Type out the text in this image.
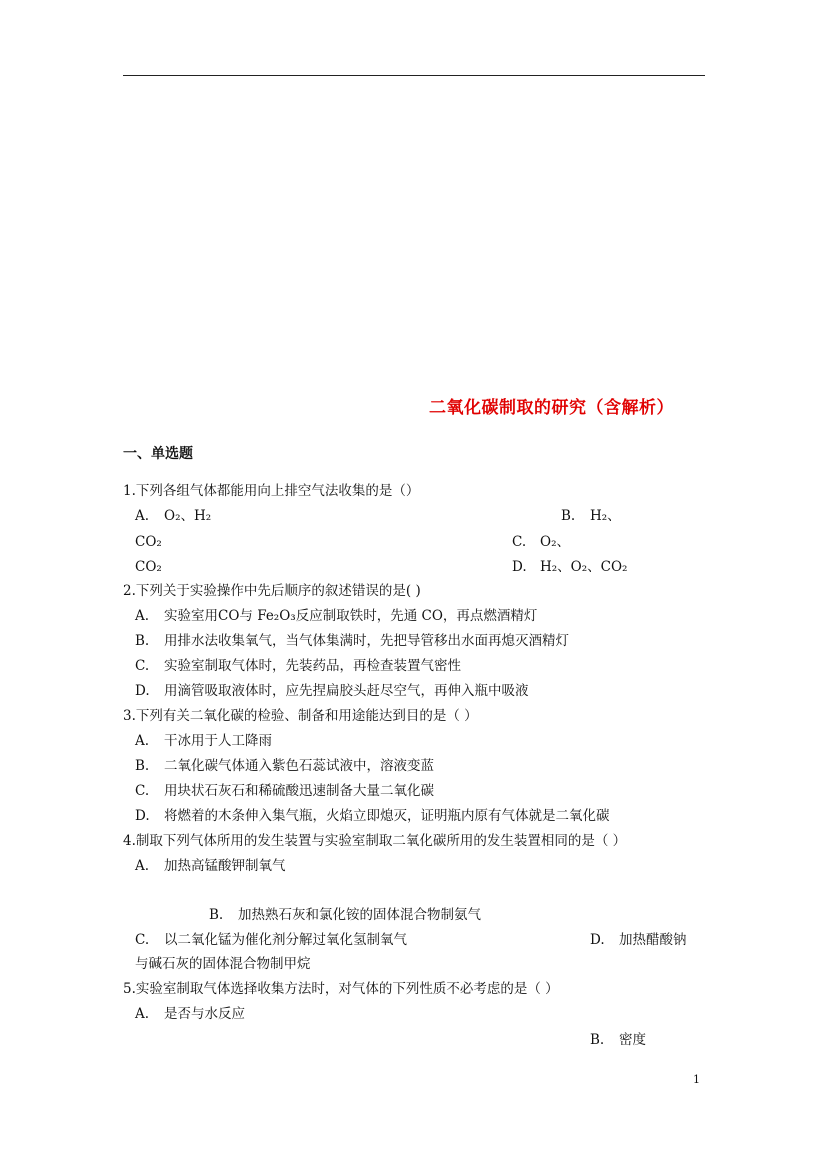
二氧化碳制取的研究（含解析）
一、单选题
1.下列各组气体都能用向上排空气法收集的是（）
A. O₂、H₂	B. H₂、
CO₂	C. O₂、
CO₂	D. H₂、O₂、CO₂
2.下列关于实验操作中先后顺序的叙述错误的是( )
A. 实验室用CO与 Fe₂O₃反应制取铁时，先通 CO，再点燃酒精灯
B. 用排水法收集氧气，当气体集满时，先把导管移出水面再熄灭酒精灯
C. 实验室制取气体时，先装药品，再检查装置气密性
D. 用滴管吸取液体时，应先捏扁胶头赶尽空气，再伸入瓶中吸液
3.下列有关二氧化碳的检验、制备和用途能达到目的是（ ）
A. 干冰用于人工降雨
B. 二氧化碳气体通入紫色石蕊试液中，溶液变蓝
C. 用块状石灰石和稀硫酸迅速制备大量二氧化碳
D. 将燃着的木条伸入集气瓶，火焰立即熄灭，证明瓶内原有气体就是二氧化碳
4.制取下列气体所用的发生装置与实验室制取二氧化碳所用的发生装置相同的是（ ）
A. 加热高锰酸钾制氧气
B. 加热熟石灰和氯化铵的固体混合物制氨气
C. 以二氧化锰为催化剂分解过氧化氢制氧气	D. 加热醋酸钠
与碱石灰的固体混合物制甲烷
5.实验室制取气体选择收集方法时，对气体的下列性质不必考虑的是（ ）
A. 是否与水反应
B. 密度
1
